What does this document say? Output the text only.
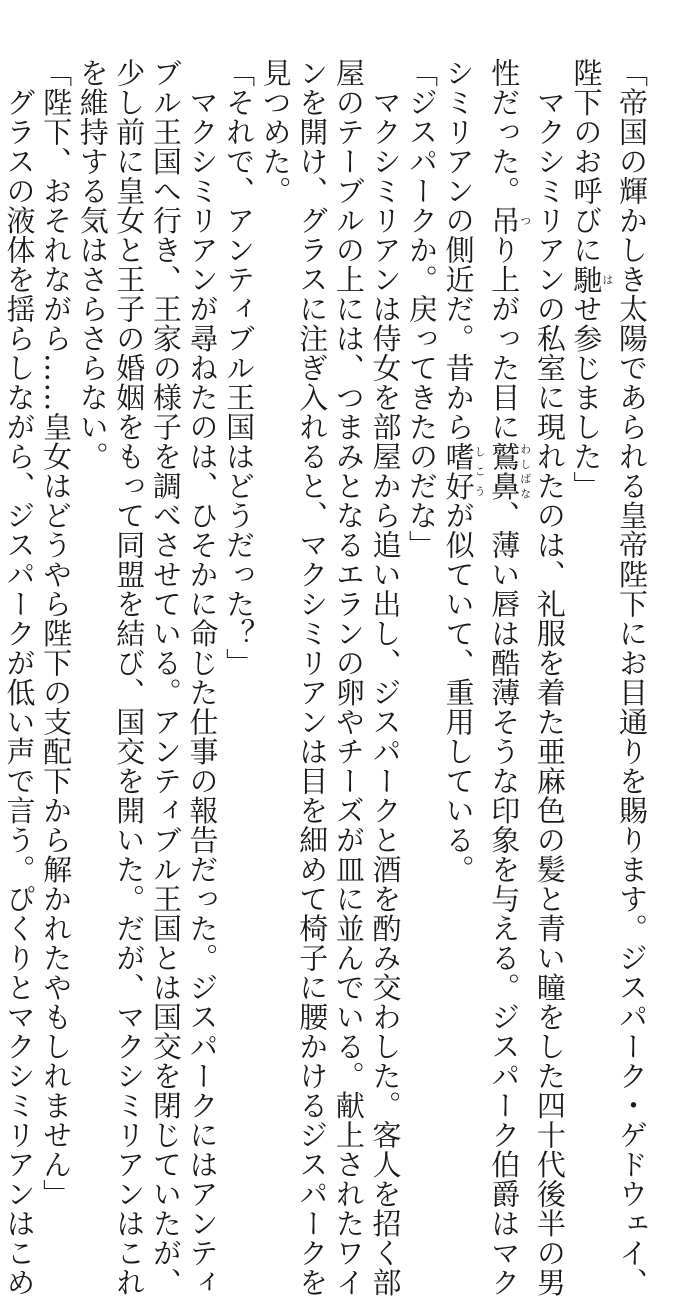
「帝国の輝かしき太陽であられる皇帝陛下にお目通りを賜ります。ジスパーク・ゲドウェイ、
陛下のお呼びに馳はせ参じました」
　マクシミリアンの私室に現れたのは、礼服を着た亜麻色の髪と青い瞳をした四十代後半の男
性だった。吊つり上がった目に鷲鼻わしばな、薄い唇は酷薄そうな印象を与える。ジスパーク伯爵はマク
シミリアンの側近だ。昔から嗜好しこうが似ていて、重用している。
「ジスパークか。戻ってきたのだな」
　マクシミリアンは侍女を部屋から追い出し、ジスパークと酒を酌み交わした。客人を招く部
屋のテーブルの上には、つまみとなるエランの卵やチーズが皿に並んでいる。献上されたワイ
ンを開け、グラスに注ぎ入れると、マクシミリアンは目を細めて椅子に腰かけるジスパークを
見つめた。
「それで、アンティブル王国はどうだった？」
　マクシミリアンが尋ねたのは、ひそかに命じた仕事の報告だった。ジスパークにはアンティ
ブル王国へ行き、王家の様子を調べさせている。アンティブル王国とは国交を閉じていたが、
少し前に皇女と王子の婚姻をもって同盟を結び、国交を開いた。だが、マクシミリアンはこれ
を維持する気はさらさらない。
「陛下、おそれながら……皇女はどうやら陛下の支配下から解かれたやもしれません」
　グラスの液体を揺らしながら、ジスパークが低い声で言う。ぴくりとマクシミリアンはこめ
